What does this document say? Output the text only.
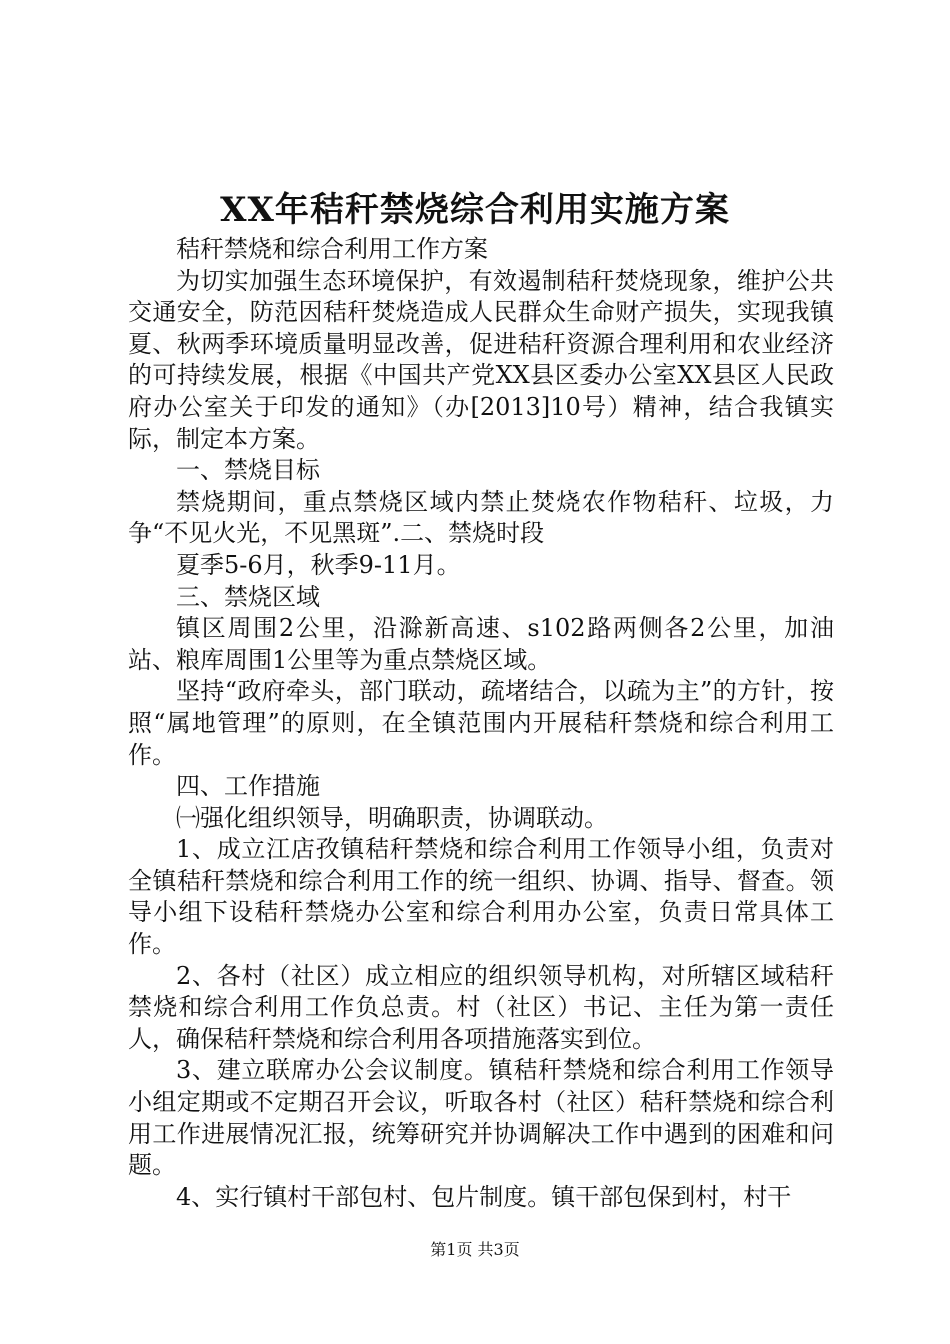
XX年秸秆禁烧综合利用实施方案

秸秆禁烧和综合利用工作方案

为切实加强生态环境保护，有效遏制秸秆焚烧现象，维护公共交通安全，防范因秸秆焚烧造成人民群众生命财产损失，实现我镇夏、秋两季环境质量明显改善，促进秸秆资源合理利用和农业经济的可持续发展，根据《中国共产党XX县区委办公室XX县区人民政府办公室关于印发的通知》（办[2013]10号）精神，结合我镇实际，制定本方案。

一、禁烧目标

禁烧期间，重点禁烧区域内禁止焚烧农作物秸秆、垃圾，力争“不见火光，不见黑斑”.二、禁烧时段

夏季5-6月，秋季9-11月。

三、禁烧区域

镇区周围2公里，沿滁新高速、s102路两侧各2公里，加油站、粮库周围1公里等为重点禁烧区域。

坚持“政府牵头，部门联动，疏堵结合，以疏为主”的方针，按照“属地管理”的原则，在全镇范围内开展秸秆禁烧和综合利用工作。

四、工作措施

㈠强化组织领导，明确职责，协调联动。

1、成立江店孜镇秸秆禁烧和综合利用工作领导小组，负责对全镇秸秆禁烧和综合利用工作的统一组织、协调、指导、督查。领导小组下设秸秆禁烧办公室和综合利用办公室，负责日常具体工作。

2、各村（社区）成立相应的组织领导机构，对所辖区域秸秆禁烧和综合利用工作负总责。村（社区）书记、主任为第一责任人，确保秸秆禁烧和综合利用各项措施落实到位。

3、建立联席办公会议制度。镇秸秆禁烧和综合利用工作领导小组定期或不定期召开会议，听取各村（社区）秸秆禁烧和综合利用工作进展情况汇报，统筹研究并协调解决工作中遇到的困难和问题。

4、实行镇村干部包村、包片制度。镇干部包保到村，村干

第1页 共3页
